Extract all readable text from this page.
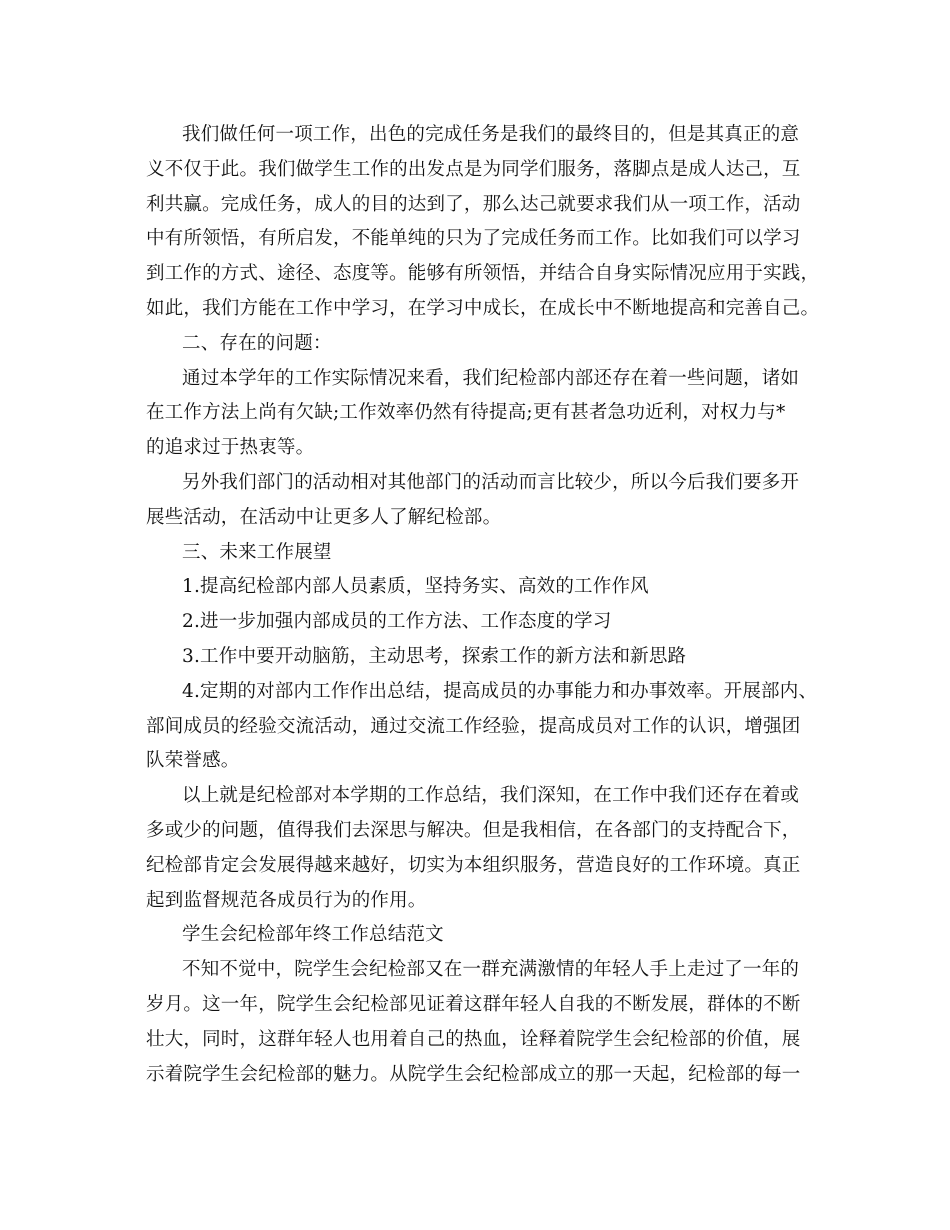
我们做任何一项工作，出色的完成任务是我们的最终目的，但是其真正的意
义不仅于此。我们做学生工作的出发点是为同学们服务，落脚点是成人达己，互
利共赢。完成任务，成人的目的达到了，那么达己就要求我们从一项工作，活动
中有所领悟，有所启发，不能单纯的只为了完成任务而工作。比如我们可以学习
到工作的方式、途径、态度等。能够有所领悟，并结合自身实际情况应用于实践，
如此，我们方能在工作中学习，在学习中成长，在成长中不断地提高和完善自己。
二、存在的问题：
通过本学年的工作实际情况来看，我们纪检部内部还存在着一些问题，诸如
在工作方法上尚有欠缺;工作效率仍然有待提高;更有甚者急功近利，对权力与*
的追求过于热衷等。
另外我们部门的活动相对其他部门的活动而言比较少，所以今后我们要多开
展些活动，在活动中让更多人了解纪检部。
三、未来工作展望
1.提高纪检部内部人员素质，坚持务实、高效的工作作风
2.进一步加强内部成员的工作方法、工作态度的学习
3.工作中要开动脑筋，主动思考，探索工作的新方法和新思路
4.定期的对部内工作作出总结，提高成员的办事能力和办事效率。开展部内、
部间成员的经验交流活动，通过交流工作经验，提高成员对工作的认识，增强团
队荣誉感。
以上就是纪检部对本学期的工作总结，我们深知，在工作中我们还存在着或
多或少的问题，值得我们去深思与解决。但是我相信，在各部门的支持配合下，
纪检部肯定会发展得越来越好，切实为本组织服务，营造良好的工作环境。真正
起到监督规范各成员行为的作用。
学生会纪检部年终工作总结范文
不知不觉中，院学生会纪检部又在一群充满激情的年轻人手上走过了一年的
岁月。这一年，院学生会纪检部见证着这群年轻人自我的不断发展，群体的不断
壮大，同时，这群年轻人也用着自己的热血，诠释着院学生会纪检部的价值，展
示着院学生会纪检部的魅力。从院学生会纪检部成立的那一天起，纪检部的每一
